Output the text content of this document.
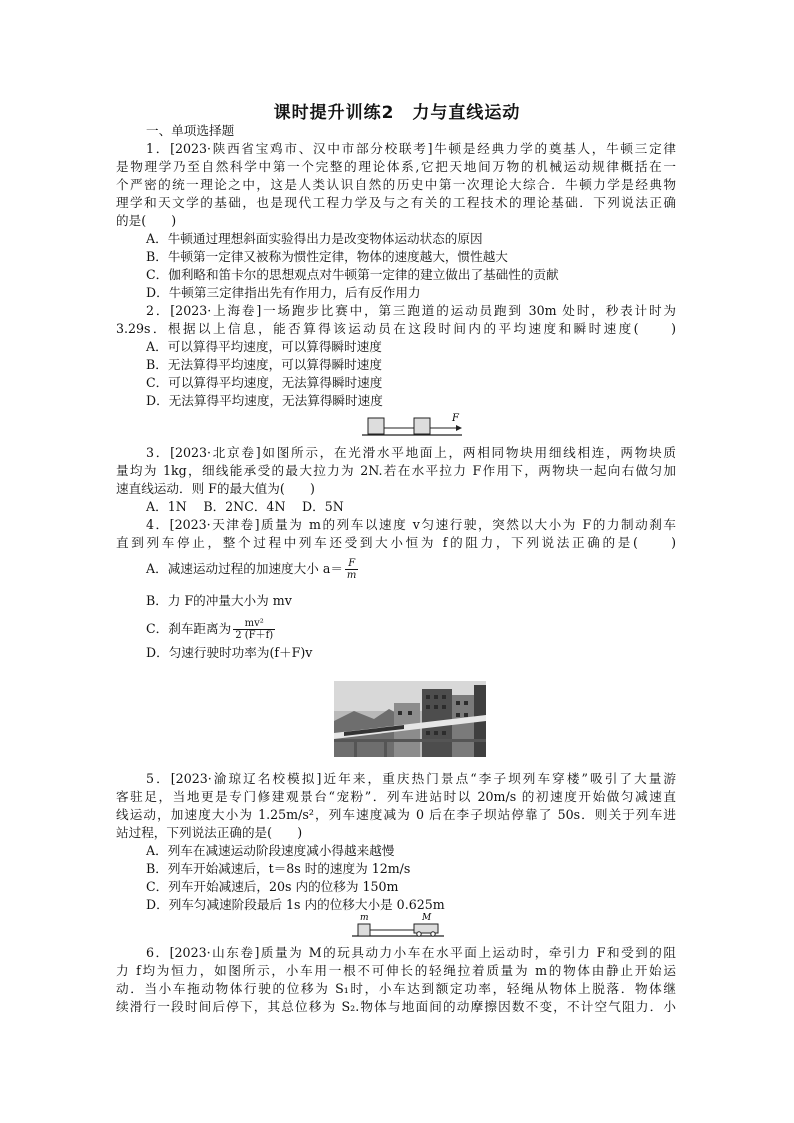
课时提升训练2　力与直线运动
一、单项选择题
1．[2023·陕西省宝鸡市、汉中市部分校联考]牛顿是经典力学的奠基人，牛顿三定律
是物理学乃至自然科学中第一个完整的理论体系,它把天地间万物的机械运动规律概括在一
个严密的统一理论之中，这是人类认识自然的历史中第一次理论大综合．牛顿力学是经典物
理学和天文学的基础，也是现代工程力学及与之有关的工程技术的理论基础．下列说法正确
的是(　　)
A．牛顿通过理想斜面实验得出力是改变物体运动状态的原因
B．牛顿第一定律又被称为惯性定律，物体的速度越大，惯性越大
C．伽利略和笛卡尔的思想观点对牛顿第一定律的建立做出了基础性的贡献
D．牛顿第三定律指出先有作用力，后有反作用力
2．[2023·上海卷]一场跑步比赛中，第三跑道的运动员跑到 30m 处时，秒表计时为
3.29s．根据以上信息，能否算得该运动员在这段时间内的平均速度和瞬时速度(　　)
A．可以算得平均速度，可以算得瞬时速度
B．无法算得平均速度，可以算得瞬时速度
C．可以算得平均速度，无法算得瞬时速度
D．无法算得平均速度，无法算得瞬时速度
F
3．[2023·北京卷]如图所示，在光滑水平地面上，两相同物块用细线相连，两物块质
量均为 1kg，细线能承受的最大拉力为 2N.若在水平拉力 F作用下，两物块一起向右做匀加
速直线运动．则 F的最大值为(　　)
A．1N　 B．2NC．4N　 D．5N
4．[2023·天津卷]质量为 m的列车以速度 v匀速行驶，突然以大小为 F的力制动刹车
直到列车停止，整个过程中列车还受到大小恒为 f的阻力，下列说法正确的是(　　)
A．减速运动过程的加速度大小 $a= \frac{F}{m}$
B．力 F的冲量大小为 mv
C．刹车距离为 $\frac{\text{mv²}}{2 (F+f)}$
D．匀速行驶时功率为(f＋F)v
5．[2023·渝琼辽名校模拟]近年来，重庆热门景点“李子坝列车穿楼”吸引了大量游
客驻足，当地更是专门修建观景台“宠粉”．列车进站时以 20m/s 的初速度开始做匀减速直
线运动，加速度大小为 1.25m/s²，列车速度减为 0 后在李子坝站停靠了 50s．则关于列车进
站过程，下列说法正确的是(　　)
A．列车在减速运动阶段速度减小得越来越慢
B．列车开始减速后，t＝8s 时的速度为 12m/s
C．列车开始减速后，20s 内的位移为 150m
D．列车匀减速阶段最后 1s 内的位移大小是 0.625m
m	M
6．[2023·山东卷]质量为 M的玩具动力小车在水平面上运动时，牵引力 F和受到的阻
力 f均为恒力，如图所示，小车用一根不可伸长的轻绳拉着质量为 m的物体由静止开始运
动．当小车拖动物体行驶的位移为 S₁时，小车达到额定功率，轻绳从物体上脱落．物体继
续滑行一段时间后停下，其总位移为 S₂.物体与地面间的动摩擦因数不变，不计空气阻力．小
